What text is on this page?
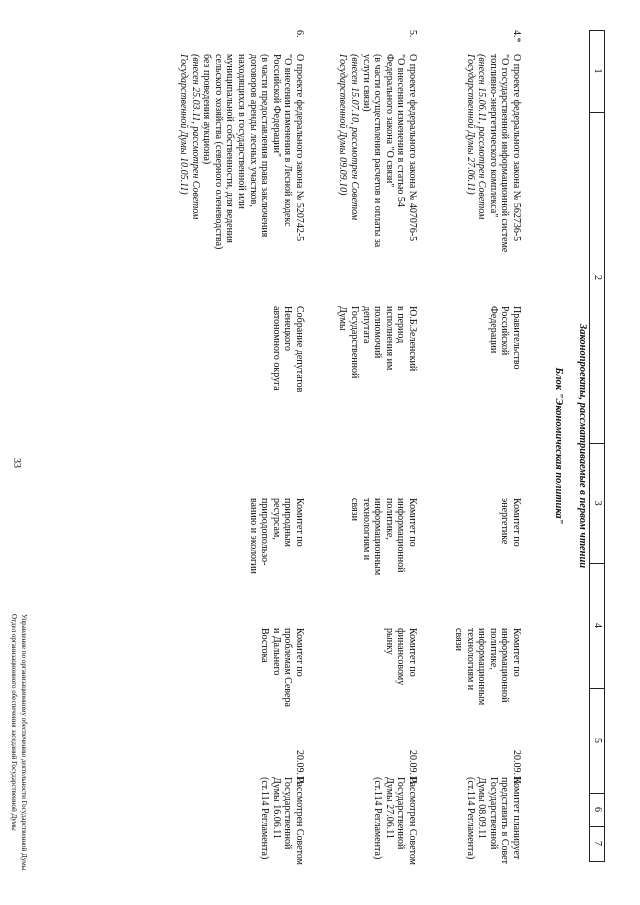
33
1
2
3
4
5
6
7
Законопроекты, рассматриваемые в первом чтении
Блок "Экономическая политика"
4.*
О проекте федерального закона № 562736-5
"О государственной информационной системе
топливно-энергетического комплекса"
(внесен 15.06.11, рассмотрен Советом
Государственной Думы 27.06.11)
Правительство
Российской
Федерации
Комитет по
энергетике
Комитет по
информационной
политике,
информационным
технологиям и
связи
20.09.11
Комитет планирует
представить в Совет
Государственной
Думы 08.09.11
(ст.114 Регламента)
5.
О проекте федерального закона № 407076-5
"О внесении изменения в статью 54
Федерального закона "О связи"
(в части осуществления расчетов и оплаты за
услуги связи)
(внесен 15.07.10, рассмотрен Советом
Государственной Думы 09.09.10)
Ю.Б.Зеленский
в период
исполнения им
полномочий
депутата
Государственной
Думы
Комитет по
информационной
политике,
информационным
технологиям и
связи
Комитет по
финансовому
рынку
20.09.11
Рассмотрен Советом
Государственной
Думы 27.06.11
(ст.114 Регламента)
6.
О проекте федерального закона № 520742-5
"О внесении изменения в Лесной кодекс
Российской Федерации"
(в части предоставления права заключения
договоров аренды лесных участков,
находящихся в государственной или
муниципальной собственности, для ведения
сельского хозяйства (северного оленеводства)
без проведения аукциона)
(внесен 25.03.11, рассмотрен Советом
Государственной Думы 10.05.11)
Собрание депутатов
Ненецкого
автономного округа
Комитет по
природным
ресурсам,
природопользо-
ванию и экологии
Комитет по
проблемам Севера
и Дальнего
Востока
20.09.11
Рассмотрен Советом
Государственной
Думы 16.06.11
(ст.114 Регламента)
Отдел организационного обеспечения заседаний Государственной Думы Управление по организационному обеспечению деятельности Государственной Думы
